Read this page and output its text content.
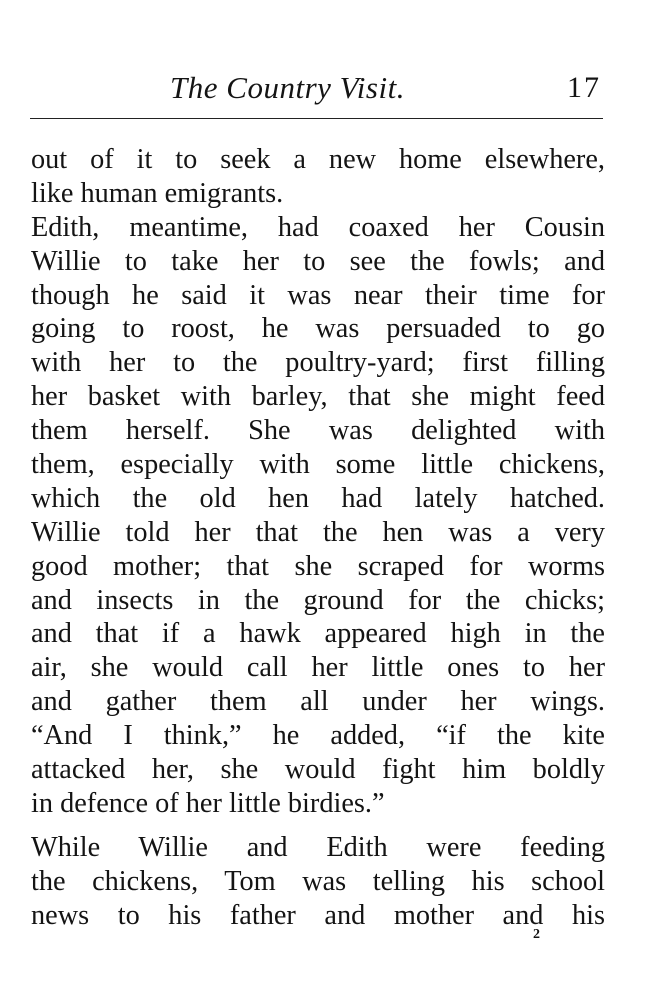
The Country Visit.	17
out of it to seek a new home elsewhere,
like human emigrants.
Edith, meantime, had coaxed her Cousin
Willie to take her to see the fowls; and
though he said it was near their time for
going to roost, he was persuaded to go
with her to the poultry-yard; first filling
her basket with barley, that she might feed
them herself. She was delighted with
them, especially with some little chickens,
which the old hen had lately hatched.
Willie told her that the hen was a very
good mother; that she scraped for worms
and insects in the ground for the chicks;
and that if a hawk appeared high in the
air, she would call her little ones to her
and gather them all under her wings.
“And I think,” he added, “if the kite
attacked her, she would fight him boldly
in defence of her little birdies.”
While Willie and Edith were feeding
the chickens, Tom was telling his school
news to his father and mother and his
2
